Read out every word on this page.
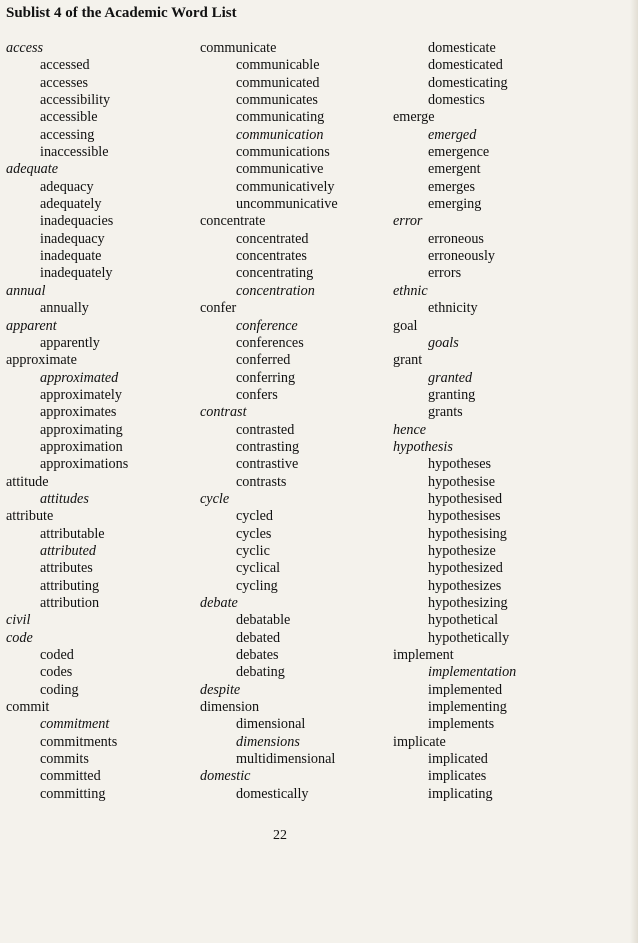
Sublist 4 of the Academic Word List
access
accessed
accesses
accessibility
accessible
accessing
inaccessible
adequate
adequacy
adequately
inadequacies
inadequacy
inadequate
inadequately
annual
annually
apparent
apparently
approximate
approximated
approximately
approximates
approximating
approximation
approximations
attitude
attitudes
attribute
attributable
attributed
attributes
attributing
attribution
civil
code
coded
codes
coding
commit
commitment
commitments
commits
committed
committing
communicate
communicable
communicated
communicates
communicating
communication
communications
communicative
communicatively
uncommunicative
concentrate
concentrated
concentrates
concentrating
concentration
confer
conference
conferences
conferred
conferring
confers
contrast
contrasted
contrasting
contrastive
contrasts
cycle
cycled
cycles
cyclic
cyclical
cycling
debate
debatable
debated
debates
debating
despite
dimension
dimensional
dimensions
multidimensional
domestic
domestically
domesticate
domesticated
domesticating
domestics
emerge
emerged
emergence
emergent
emerges
emerging
error
erroneous
erroneously
errors
ethnic
ethnicity
goal
goals
grant
granted
granting
grants
hence
hypothesis
hypotheses
hypothesise
hypothesised
hypothesises
hypothesising
hypothesize
hypothesized
hypothesizes
hypothesizing
hypothetical
hypothetically
implement
implementation
implemented
implementing
implements
implicate
implicated
implicates
implicating
22
